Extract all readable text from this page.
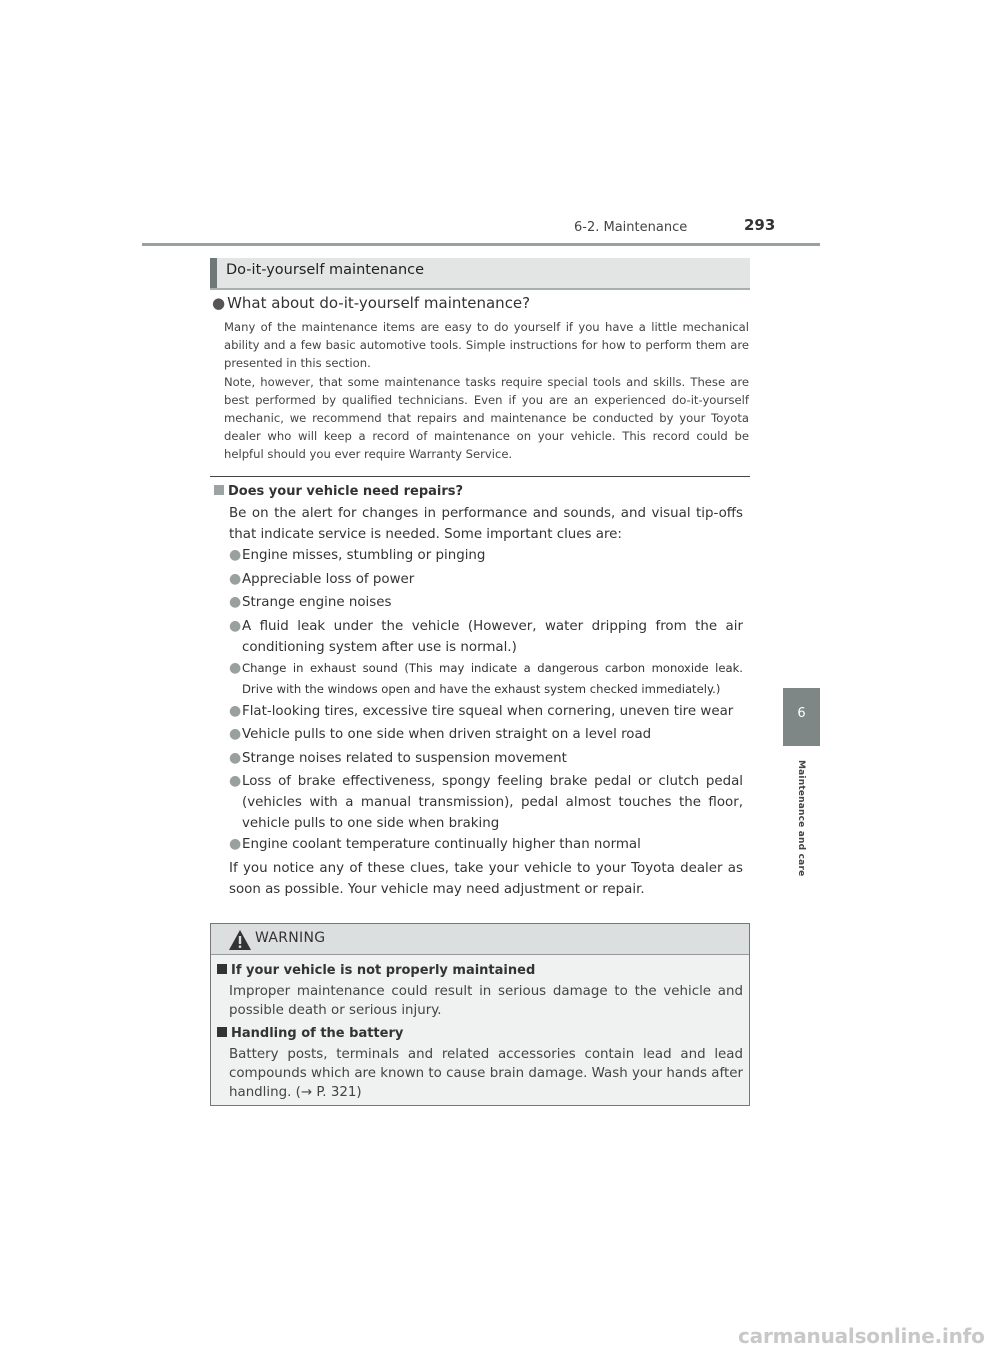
6-2. Maintenance	293
6
Maintenance and care
Do-it-yourself maintenance
● What about do-it-yourself maintenance?
Many of the maintenance items are easy to do yourself if you have a little mechanical ability and a few basic automotive tools. Simple instructions for how to perform them are presented in this section.
Note, however, that some maintenance tasks require special tools and skills. These are best performed by qualified technicians. Even if you are an experienced do-it-yourself mechanic, we recommend that repairs and maintenance be conducted by your Toyota dealer who will keep a record of maintenance on your vehicle. This record could be helpful should you ever require Warranty Service.
Does your vehicle need repairs?
Be on the alert for changes in performance and sounds, and visual tip-offs that indicate service is needed. Some important clues are:
● Engine misses, stumbling or pinging
● Appreciable loss of power
● Strange engine noises
● A fluid leak under the vehicle (However, water dripping from the air conditioning system after use is normal.)
● Change in exhaust sound (This may indicate a dangerous carbon monoxide leak. Drive with the windows open and have the exhaust system checked immediately.)
● Flat-looking tires, excessive tire squeal when cornering, uneven tire wear
● Vehicle pulls to one side when driven straight on a level road
● Strange noises related to suspension movement
● Loss of brake effectiveness, spongy feeling brake pedal or clutch pedal (vehicles with a manual transmission), pedal almost touches the floor, vehicle pulls to one side when braking
● Engine coolant temperature continually higher than normal
If you notice any of these clues, take your vehicle to your Toyota dealer as soon as possible. Your vehicle may need adjustment or repair.
WARNING
If your vehicle is not properly maintained
Improper maintenance could result in serious damage to the vehicle and possible death or serious injury.
Handling of the battery
Battery posts, terminals and related accessories contain lead and lead compounds which are known to cause brain damage. Wash your hands after handling. (→ P. 321)
carmanualsonline.info
